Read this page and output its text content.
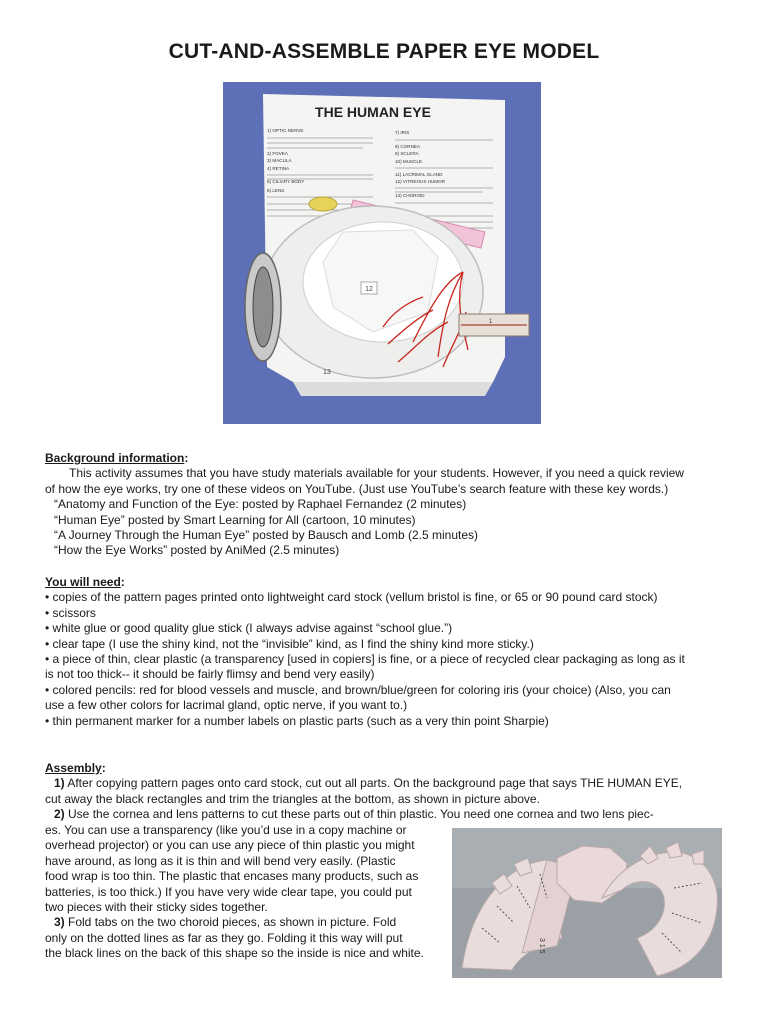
CUT-AND-ASSEMBLE PAPER EYE MODEL
THE HUMAN EYE
1) OPTIC NERVE
2) FOVEA
3) MACULA
4) RETINA
5) CILIARY BODY
6) LENS
7) IRIS
8) CORNEA
9) SCLERA
10) MUSCLE
11) LACRIMAL GLAND
12) VITREOUS HUMOR
13) CHOROID
1
12
13
Background information:
This activity assumes that you have study materials available for your students. However, if you need a quick review
of how the eye works, try one of these videos on YouTube. (Just use YouTube’s search feature with these key words.)
“Anatomy and Function of the Eye: posted by Raphael Fernandez (2 minutes)
“Human Eye” posted by Smart Learning for All (cartoon, 10 minutes)
“A Journey Through the Human Eye” posted by Bausch and Lomb (2.5 minutes)
“How the Eye Works” posted by AniMed (2.5 minutes)
You will need:
• copies of the pattern pages printed onto lightweight card stock (vellum bristol is fine, or 65 or 90 pound card stock)
• scissors
• white glue or good quality glue stick (I always advise against “school glue.”)
• clear tape (I use the shiny kind, not the “invisible” kind, as I find the shiny kind more sticky.)
• a piece of thin, clear plastic (a transparency [used in copiers] is fine, or a piece of recycled clear packaging as long as it
is not too thick-- it should be fairly flimsy and bend very easily)
• colored pencils: red for blood vessels and muscle, and brown/blue/green for coloring iris (your choice) (Also, you can
use a few other colors for lacrimal gland, optic nerve, if you want to.)
• thin permanent marker for a number labels on plastic parts (such as a very thin point Sharpie)
Assembly:
1) After copying pattern pages onto card stock, cut out all parts. On the background page that says THE HUMAN EYE,
cut away the black rectangles and trim the triangles at the bottom, as shown in picture above.
2) Use the cornea and lens patterns to cut these parts out of thin plastic. You need one cornea and two lens piec-
es. You can use a transparency (like you’d use in a copy machine or
overhead projector) or you can use any piece of thin plastic you might
have around, as long as it is thin and will bend very easily. (Plastic
food wrap is too thin. The plastic that encases many products, such as
batteries, is too thick.) If you have very wide clear tape, you could put
two pieces with their sticky sides together.
3) Fold tabs on the two choroid pieces, as shown in picture. Fold
only on the dotted lines as far as they go. Folding it this way will put
the black lines on the back of this shape so the inside is nice and white.	3 1 5
